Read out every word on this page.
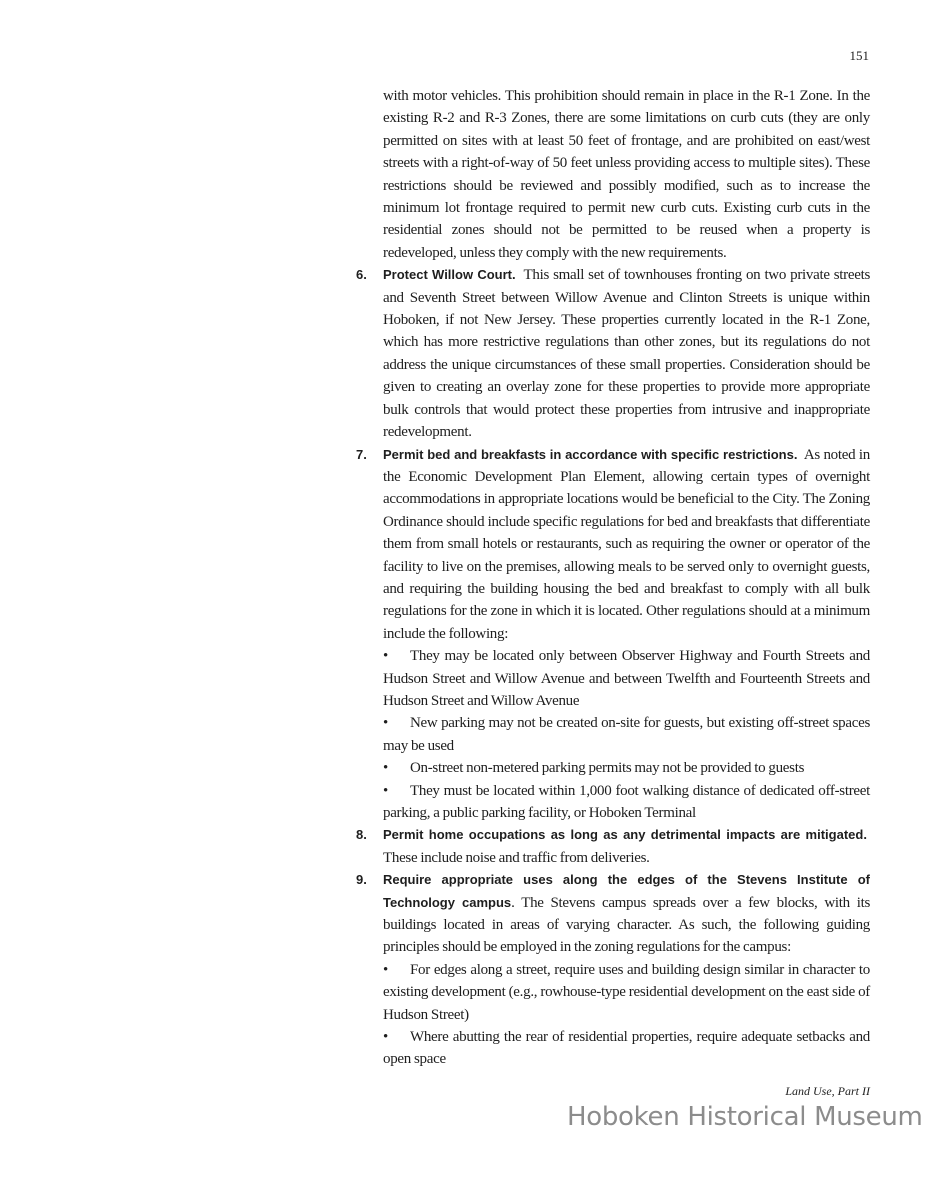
151

with motor vehicles. This prohibition should remain in place in the R-1 Zone. In the existing R-2 and R-3 Zones, there are some limitations on curb cuts (they are only permitted on sites with at least 50 feet of frontage, and are prohibited on east/west streets with a right-of-way of 50 feet unless providing access to multiple sites). These restrictions should be reviewed and possibly modified, such as to increase the minimum lot frontage required to permit new curb cuts. Existing curb cuts in the residential zones should not be permitted to be reused when a property is redeveloped, unless they comply with the new requirements.

6. Protect Willow Court. This small set of townhouses fronting on two private streets and Seventh Street between Willow Avenue and Clinton Streets is unique within Hoboken, if not New Jersey. These properties currently located in the R-1 Zone, which has more restrictive regulations than other zones, but its regulations do not address the unique circumstances of these small properties. Consideration should be given to creating an overlay zone for these properties to provide more appropriate bulk controls that would protect these properties from intrusive and inappropriate redevelopment.

7. Permit bed and breakfasts in accordance with specific restrictions. As noted in the Economic Development Plan Element, allowing certain types of overnight accommodations in appropriate locations would be beneficial to the City. The Zoning Ordinance should include specific regulations for bed and breakfasts that differentiate them from small hotels or restaurants, such as requiring the owner or operator of the facility to live on the premises, allowing meals to be served only to overnight guests, and requiring the building housing the bed and breakfast to comply with all bulk regulations for the zone in which it is located. Other regulations should at a minimum include the following:

• They may be located only between Observer Highway and Fourth Streets and Hudson Street and Willow Avenue and between Twelfth and Fourteenth Streets and Hudson Street and Willow Avenue

• New parking may not be created on-site for guests, but existing off-street spaces may be used

• On-street non-metered parking permits may not be provided to guests

• They must be located within 1,000 foot walking distance of dedicated off-street parking, a public parking facility, or Hoboken Terminal

8. Permit home occupations as long as any detrimental impacts are mitigated.  These include noise and traffic from deliveries.

9. Require appropriate uses along the edges of the Stevens Institute of Technology campus. The Stevens campus spreads over a few blocks, with its buildings located in areas of varying character. As such, the following guiding principles should be employed in the zoning regulations for the campus:

• For edges along a street, require uses and building design similar in character to existing development (e.g., rowhouse-type residential development on the east side of Hudson Street)

• Where abutting the rear of residential properties, require adequate setbacks and open space

Land Use, Part II
Hoboken Historical Museum
